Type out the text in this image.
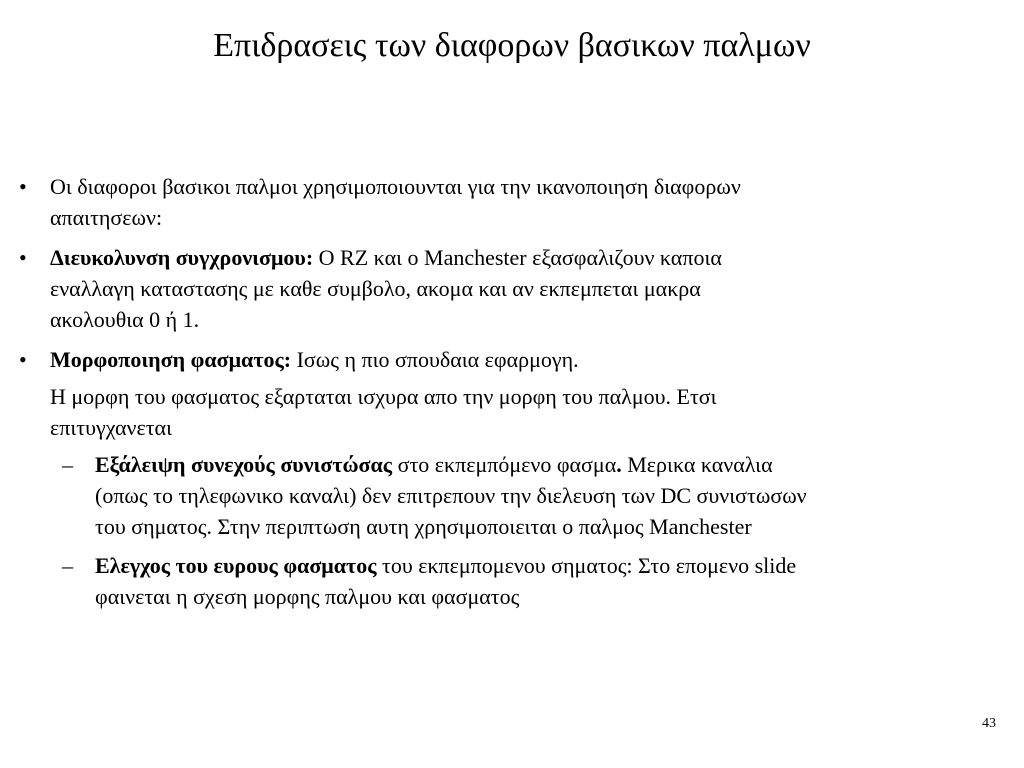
Επιδρασεις των διαφορων βασικων παλμων
• Οι διαφοροι βασικοι παλμοι χρησιμοποιουνται για την ικανοποιηση διαφορων
απαιτησεων:
• Διευκολυνση συγχρονισμου: Ο RZ και ο Manchester εξασφαλιζουν καποια
εναλλαγη καταστασης με καθε συμβολο, ακομα και αν εκπεμπεται μακρα
ακολουθια 0 ή 1.
• Μορφοποιηση φασματος: Ισως η πιο σπουδαια εφαρμογη.
Η μορφη του φασματος εξαρταται ισχυρα απο την μορφη του παλμου. Ετσι
επιτυγχανεται
– Εξάλειψη συνεχούς συνιστώσας στο εκπεμπόμενο φασμα. Μερικα καναλια
(οπως το τηλεφωνικο καναλι) δεν επιτρεπουν την διελευση των DC συνιστωσων
του σηματος. Στην περιπτωση αυτη χρησιμοποιειται ο παλμος Manchester
– Ελεγχος του ευρους φασματος του εκπεμπομενου σηματος: Στο επομενο slide
φαινεται η σχεση μορφης παλμου και φασματος
43
